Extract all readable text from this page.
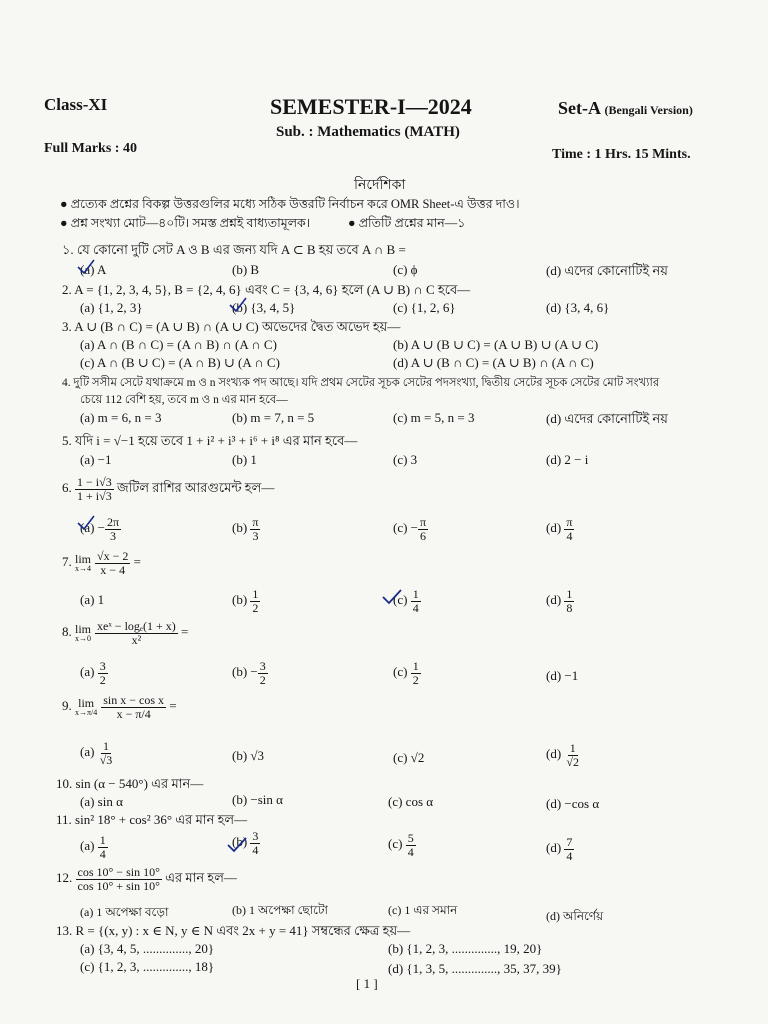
Class-XI	SEMESTER-I—2024	Set-A (Bengali Version)
Sub. : Mathematics (MATH)
Full Marks : 40	Time : 1 Hrs. 15 Mints.
নির্দেশিকা
● প্রত্যেক প্রশ্নের বিকল্প উত্তরগুলির মধ্যে সঠিক উত্তরটি নির্বাচন করে OMR Sheet-এ উত্তর দাও।
● প্রশ্ন সংখ্যা মোট—৪০টি। সমস্ত প্রশ্নই বাধ্যতামূলক।	● প্রতিটি প্রশ্নের মান—১
১. যে কোনো দুটি সেট A ও B এর জন্য যদি A ⊂ B হয় তবে A ∩ B =
(a) A	(b) B	(c) ϕ	(d) এদের কোনোটিই নয়
2. A = {1, 2, 3, 4, 5}, B = {2, 4, 6} এবং C = {3, 4, 6} হলে (A ∪ B) ∩ C হবে—
(a) {1, 2, 3}	(b) {3, 4, 5}	(c) {1, 2, 6}	(d) {3, 4, 6}
3. A ∪ (B ∩ C) = (A ∪ B) ∩ (A ∪ C) অভেদের দ্বৈত অভেদ হয়—
(a) A ∩ (B ∩ C) = (A ∩ B) ∩ (A ∩ C)	(b) A ∪ (B ∪ C) = (A ∪ B) ∪ (A ∪ C)
(c) A ∩ (B ∪ C) = (A ∩ B) ∪ (A ∩ C)	(d) A ∪ (B ∩ C) = (A ∪ B) ∩ (A ∩ C)
4. দুটি সসীম সেটে যথাক্রমে m ও n সংখ্যক পদ আছে। যদি প্রথম সেটের সূচক সেটের পদসংখ্যা, দ্বিতীয় সেটের সূচক সেটের মোট সংখ্যার
চেয়ে 112 বেশি হয়, তবে m ও n এর মান হবে—
(a) m = 6, n = 3	(b) m = 7, n = 5	(c) m = 5, n = 3	(d) এদের কোনোটিই নয়
5. যদি i = √−1 হয়ে তবে 1 + i² + i³ + i⁶ + i⁸ এর মান হবে—
(a) −1	(b) 1	(c) 3	(d) 2 − i
6. $\frac{1 - i√3}{1 + i√3}$ জটিল রাশির আরগুমেন্ট হল—
$(a) - \frac{2\pi}{3}$	$(b) \frac{\pi}{3}$	$(c) - \frac{\pi}{6}$	$(d) \frac{\pi}{4}$
7. lim
$x\to 4 \frac{√x - 2}{x - 4}$ =
(a) 1	$(b) \frac{1}{2}$	$(c) \frac{1}{4}$	$(d) \frac{1}{8}$
8. lim
$x\to 0 \frac{\text{xeˣ − logₑ(1 + x)}}{\text{x²}}$ =
$(a) \frac{3}{2}$	$(b) - \frac{3}{2}$	$(c) \frac{1}{2}$	(d) −1
9. lim
$x\to\pi/4 \frac{\text{sin x − cos x}}{x - \pi/4}$ =
$(a) \frac{1}{√3}$	(b) √3	(c) √2	$(d) \frac{1}{√2}$
10. sin (α − 540°) এর মান—
(a) sin α	(b) −sin α	(c) cos α	(d) −cos α
11. sin² 18° + cos² 36° এর মান হল—
$(a) \frac{1}{4}$	$(b) \frac{3}{4}$	$(c) \frac{5}{4}$	$(d) \frac{7}{4}$
12. $\frac{\cos 10^\circ - \sin 10^\circ}{\cos 10^\circ + \sin 10^\circ}$ এর মান হল—
(a) 1 অপেক্ষা বড়ো	(b) 1 অপেক্ষা ছোটো	(c) 1 এর সমান	(d) অনির্ণেয়
13. R = {(x, y) : x ∈ N, y ∈ N এবং 2x + y = 41} সম্বন্ধের ক্ষেত্র হয়—
(a) {3, 4, 5, .............., 20}	(b) {1, 2, 3, .............., 19, 20}
(c) {1, 2, 3, .............., 18}	(d) {1, 3, 5, .............., 35, 37, 39}
[ 1 ]
